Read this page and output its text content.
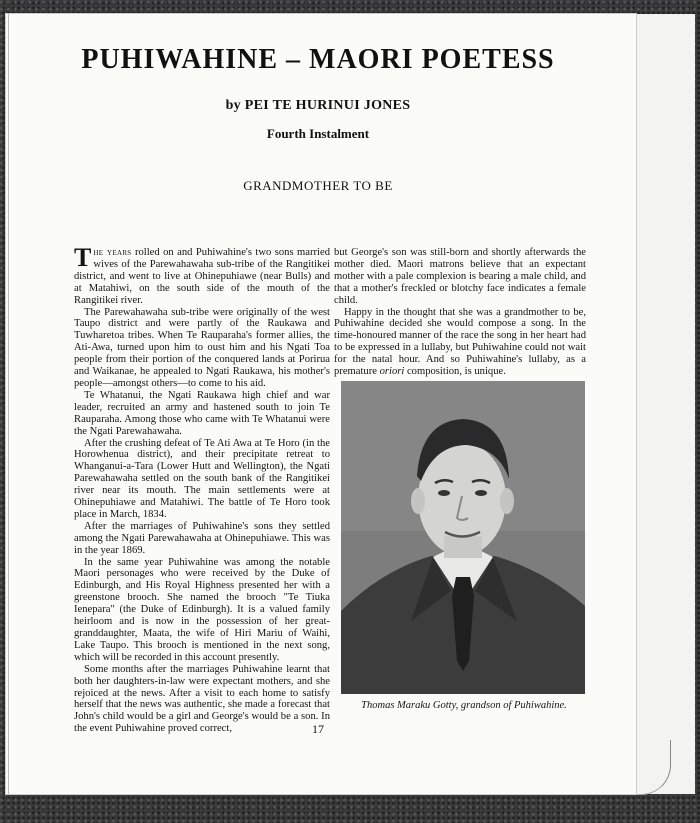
PUHIWAHINE – MAORI POETESS
by PEI TE HURINUI JONES
Fourth Instalment
GRANDMOTHER TO BE

The years rolled on and Puhiwahine's two sons married wives of the Parewahawaha sub-tribe of the Rangitikei district, and went to live at Ohinepuhiawe (near Bulls) and at Matahiwi, on the south side of the mouth of the Rangitikei river.

The Parewahawaha sub-tribe were originally of the west Taupo district and were partly of the Raukawa and Tuwharetoa tribes. When Te Rauparaha's former allies, the Ati-Awa, turned upon him to oust him and his Ngati Toa people from their portion of the conquered lands at Porirua and Waikanae, he appealed to Ngati Raukawa, his mother's people—amongst others—to come to his aid.

Te Whatanui, the Ngati Raukawa high chief and war leader, recruited an army and hastened south to join Te Rauparaha. Among those who came with Te Whatanui were the Ngati Parewahawaha.

After the crushing defeat of Te Ati Awa at Te Horo (in the Horowhenua district), and their precipitate retreat to Whanganui-a-Tara (Lower Hutt and Wellington), the Ngati Parewahawaha settled on the south bank of the Rangitikei river near its mouth. The main settlements were at Ohinepuhiawe and Matahiwi. The battle of Te Horo took place in March, 1834.

After the marriages of Puhiwahine's sons they settled among the Ngati Parewahawaha at Ohinepuhiawe. This was in the year 1869.

In the same year Puhiwahine was among the notable Maori personages who were received by the Duke of Edinburgh, and His Royal Highness presented her with a greenstone brooch. She named the brooch "Te Tiuka Ienepara" (the Duke of Edinburgh). It is a valued family heirloom and is now in the possession of her great-granddaughter, Maata, the wife of Hiri Mariu of Waihi, Lake Taupo. This brooch is mentioned in the next song, which will be recorded in this account presently.

Some months after the marriages Puhiwahine learnt that both her daughters-in-law were expectant mothers, and she rejoiced at the news. After a visit to each home to satisfy herself that the news was authentic, she made a forecast that John's child would be a girl and George's would be a son. In the event Puhiwahine proved correct,

but George's son was still-born and shortly afterwards the mother died. Maori matrons believe that an expectant mother with a pale complexion is bearing a male child, and that a mother's freckled or blotchy face indicates a female child.

Happy in the thought that she was a grandmother to be, Puhiwahine decided she would compose a song. In the time-honoured manner of the race the song in her heart had to be expressed in a lullaby, but Puhiwahine could not wait for the natal hour. And so Puhiwahine's lullaby, as a premature oriori composition, is unique.

Thomas Maraku Gotty, grandson of Puhiwahine.
17
